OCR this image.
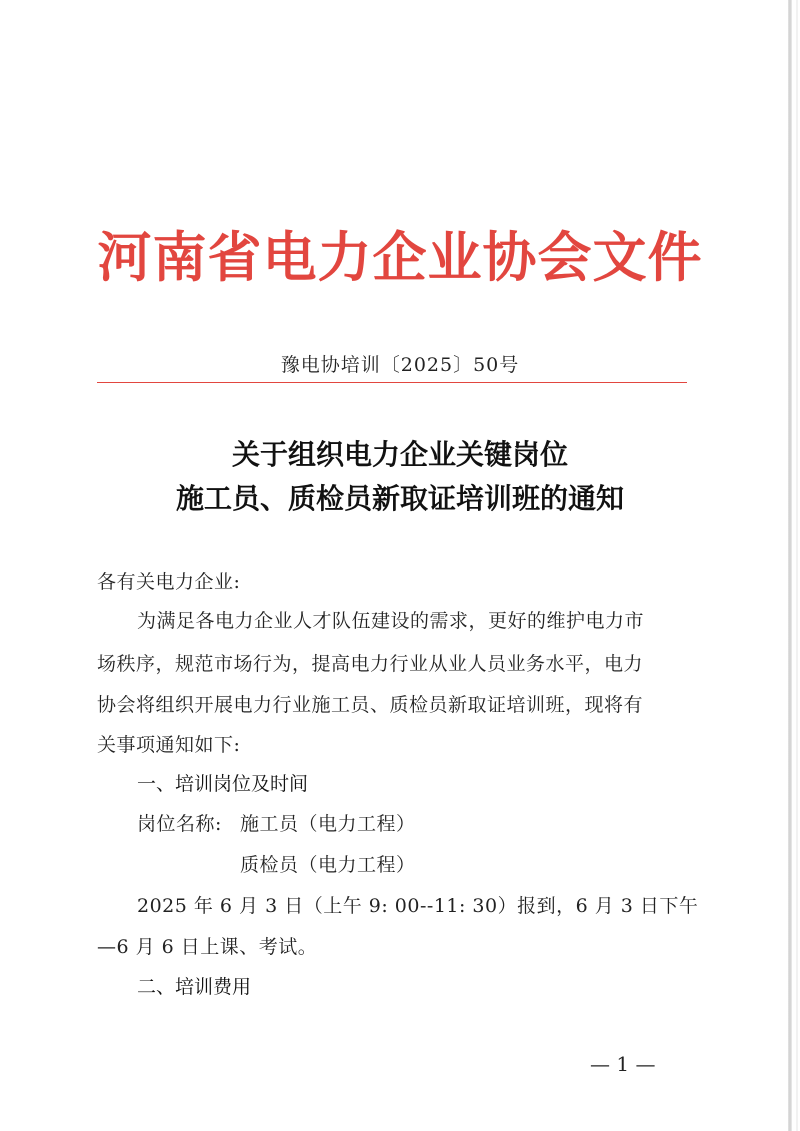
河南省电力企业协会文件
豫电协培训〔2025〕50号
关于组织电力企业关键岗位
施工员、质检员新取证培训班的通知
各有关电力企业:
为满足各电力企业人才队伍建设的需求，更好的维护电力市
场秩序，规范市场行为，提高电力行业从业人员业务水平，电力
协会将组织开展电力行业施工员、质检员新取证培训班，现将有
关事项通知如下:
一、培训岗位及时间
岗位名称: 施工员（电力工程）
质检员（电力工程）
2025 年 6 月 3 日（上午 9: 00--11: 30）报到，6 月 3 日下午
—6 月 6 日上课、考试。
二、培训费用
— 1 —
